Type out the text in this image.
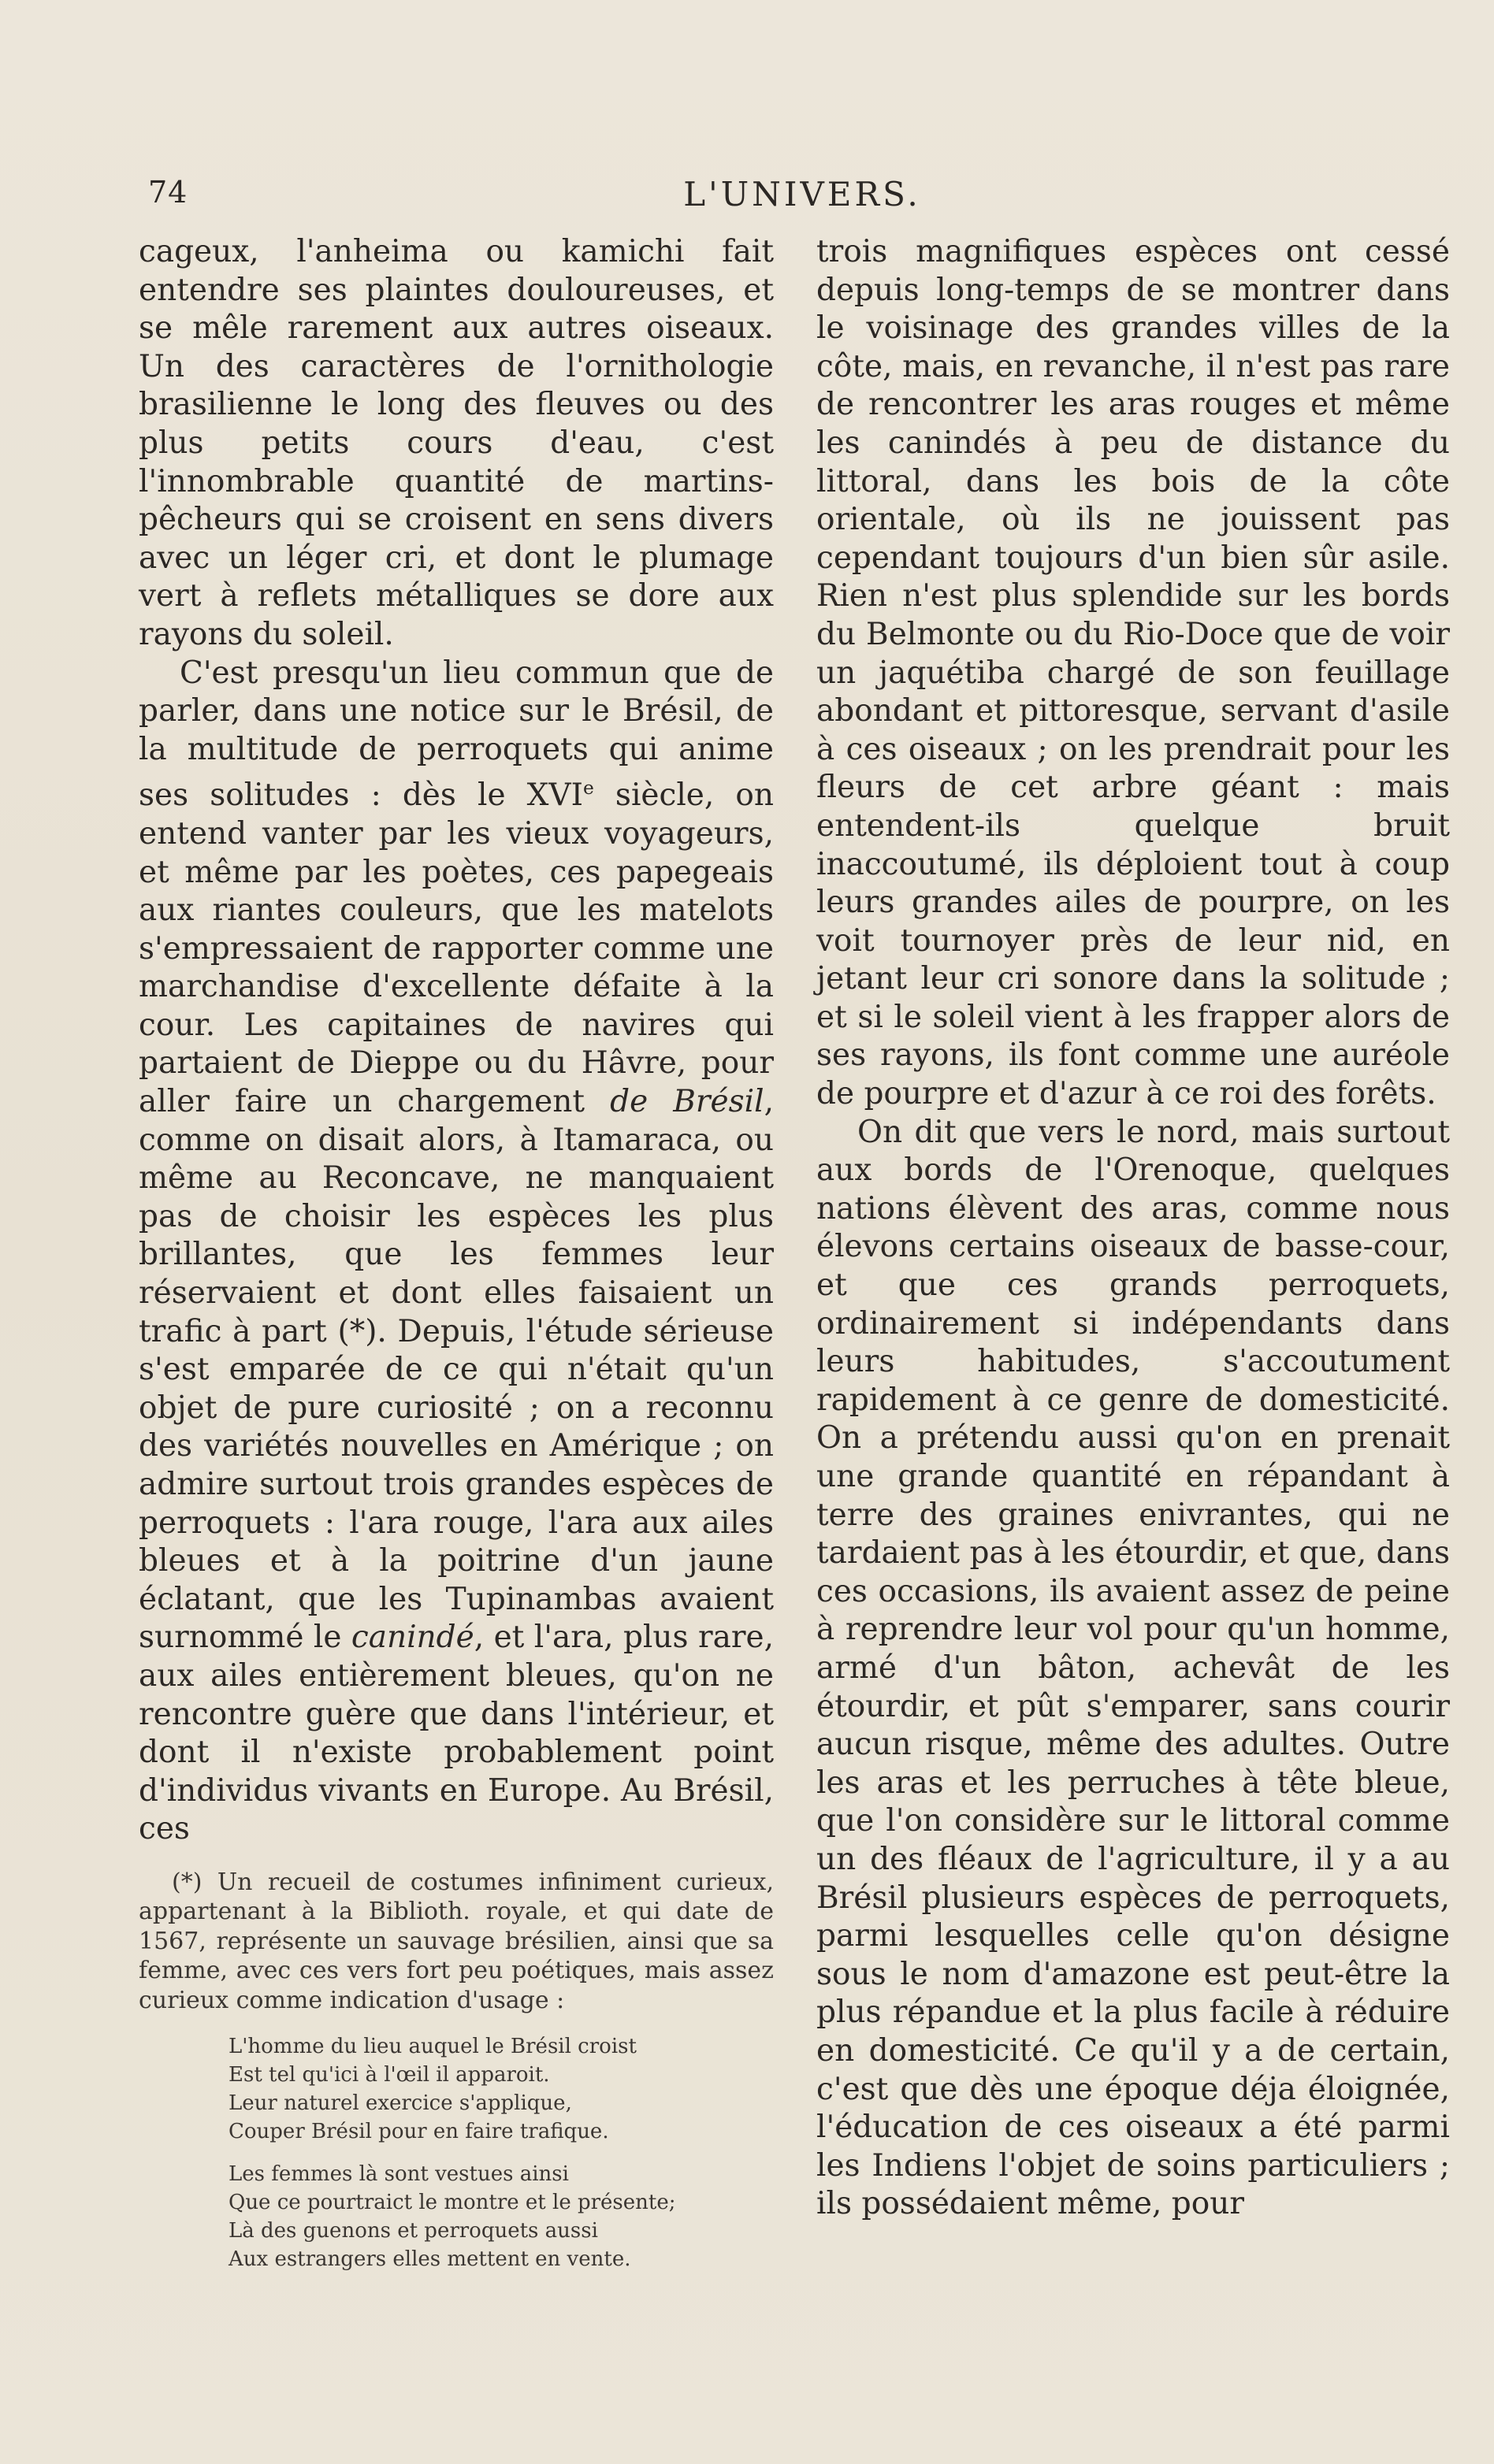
74	L'UNIVERS.

cageux, l'anheima ou kamichi fait entendre ses plaintes douloureuses, et se mêle rarement aux autres oiseaux. Un des caractères de l'ornithologie brasilienne le long des fleuves ou des plus petits cours d'eau, c'est l'innombrable quantité de martins-pêcheurs qui se croisent en sens divers avec un léger cri, et dont le plumage vert à reflets métalliques se dore aux rayons du soleil.

C'est presqu'un lieu commun que de parler, dans une notice sur le Brésil, de la multitude de perroquets qui anime ses solitudes : dès le XVIe siècle, on entend vanter par les vieux voyageurs, et même par les poètes, ces papegeais aux riantes couleurs, que les matelots s'empressaient de rapporter comme une marchandise d'excellente défaite à la cour. Les capitaines de navires qui partaient de Dieppe ou du Hâvre, pour aller faire un chargement de Brésil, comme on disait alors, à Itamaraca, ou même au Reconcave, ne manquaient pas de choisir les espèces les plus brillantes, que les femmes leur réservaient et dont elles faisaient un trafic à part (*). Depuis, l'étude sérieuse s'est emparée de ce qui n'était qu'un objet de pure curiosité ; on a reconnu des variétés nouvelles en Amérique ; on admire surtout trois grandes espèces de perroquets : l'ara rouge, l'ara aux ailes bleues et à la poitrine d'un jaune éclatant, que les Tupinambas avaient surnommé le canindé, et l'ara, plus rare, aux ailes entièrement bleues, qu'on ne rencontre guère que dans l'intérieur, et dont il n'existe probablement point d'individus vivants en Europe. Au Brésil, ces

(*) Un recueil de costumes infiniment curieux, appartenant à la Biblioth. royale, et qui date de 1567, représente un sauvage brésilien, ainsi que sa femme, avec ces vers fort peu poétiques, mais assez curieux comme indication d'usage :

L'homme du lieu auquel le Brésil croist
Est tel qu'ici à l'œil il apparoit.
Leur naturel exercice s'applique,
Couper Brésil pour en faire trafique.
Les femmes là sont vestues ainsi
Que ce pourtraict le montre et le présente;
Là des guenons et perroquets aussi
Aux estrangers elles mettent en vente.

trois magnifiques espèces ont cessé depuis long-temps de se montrer dans le voisinage des grandes villes de la côte, mais, en revanche, il n'est pas rare de rencontrer les aras rouges et même les canindés à peu de distance du littoral, dans les bois de la côte orientale, où ils ne jouissent pas cependant toujours d'un bien sûr asile. Rien n'est plus splendide sur les bords du Belmonte ou du Rio-Doce que de voir un jaquétiba chargé de son feuillage abondant et pittoresque, servant d'asile à ces oiseaux ; on les prendrait pour les fleurs de cet arbre géant : mais entendent-ils quelque bruit inaccoutumé, ils déploient tout à coup leurs grandes ailes de pourpre, on les voit tournoyer près de leur nid, en jetant leur cri sonore dans la solitude ; et si le soleil vient à les frapper alors de ses rayons, ils font comme une auréole de pourpre et d'azur à ce roi des forêts.

On dit que vers le nord, mais surtout aux bords de l'Orenoque, quelques nations élèvent des aras, comme nous élevons certains oiseaux de basse-cour, et que ces grands perroquets, ordinairement si indépendants dans leurs habitudes, s'accoutument rapidement à ce genre de domesticité. On a prétendu aussi qu'on en prenait une grande quantité en répandant à terre des graines enivrantes, qui ne tardaient pas à les étourdir, et que, dans ces occasions, ils avaient assez de peine à reprendre leur vol pour qu'un homme, armé d'un bâton, achevât de les étourdir, et pût s'emparer, sans courir aucun risque, même des adultes. Outre les aras et les perruches à tête bleue, que l'on considère sur le littoral comme un des fléaux de l'agriculture, il y a au Brésil plusieurs espèces de perroquets, parmi lesquelles celle qu'on désigne sous le nom d'amazone est peut-être la plus répandue et la plus facile à réduire en domesticité. Ce qu'il y a de certain, c'est que dès une époque déja éloignée, l'éducation de ces oiseaux a été parmi les Indiens l'objet de soins particuliers ; ils possédaient même, pour
